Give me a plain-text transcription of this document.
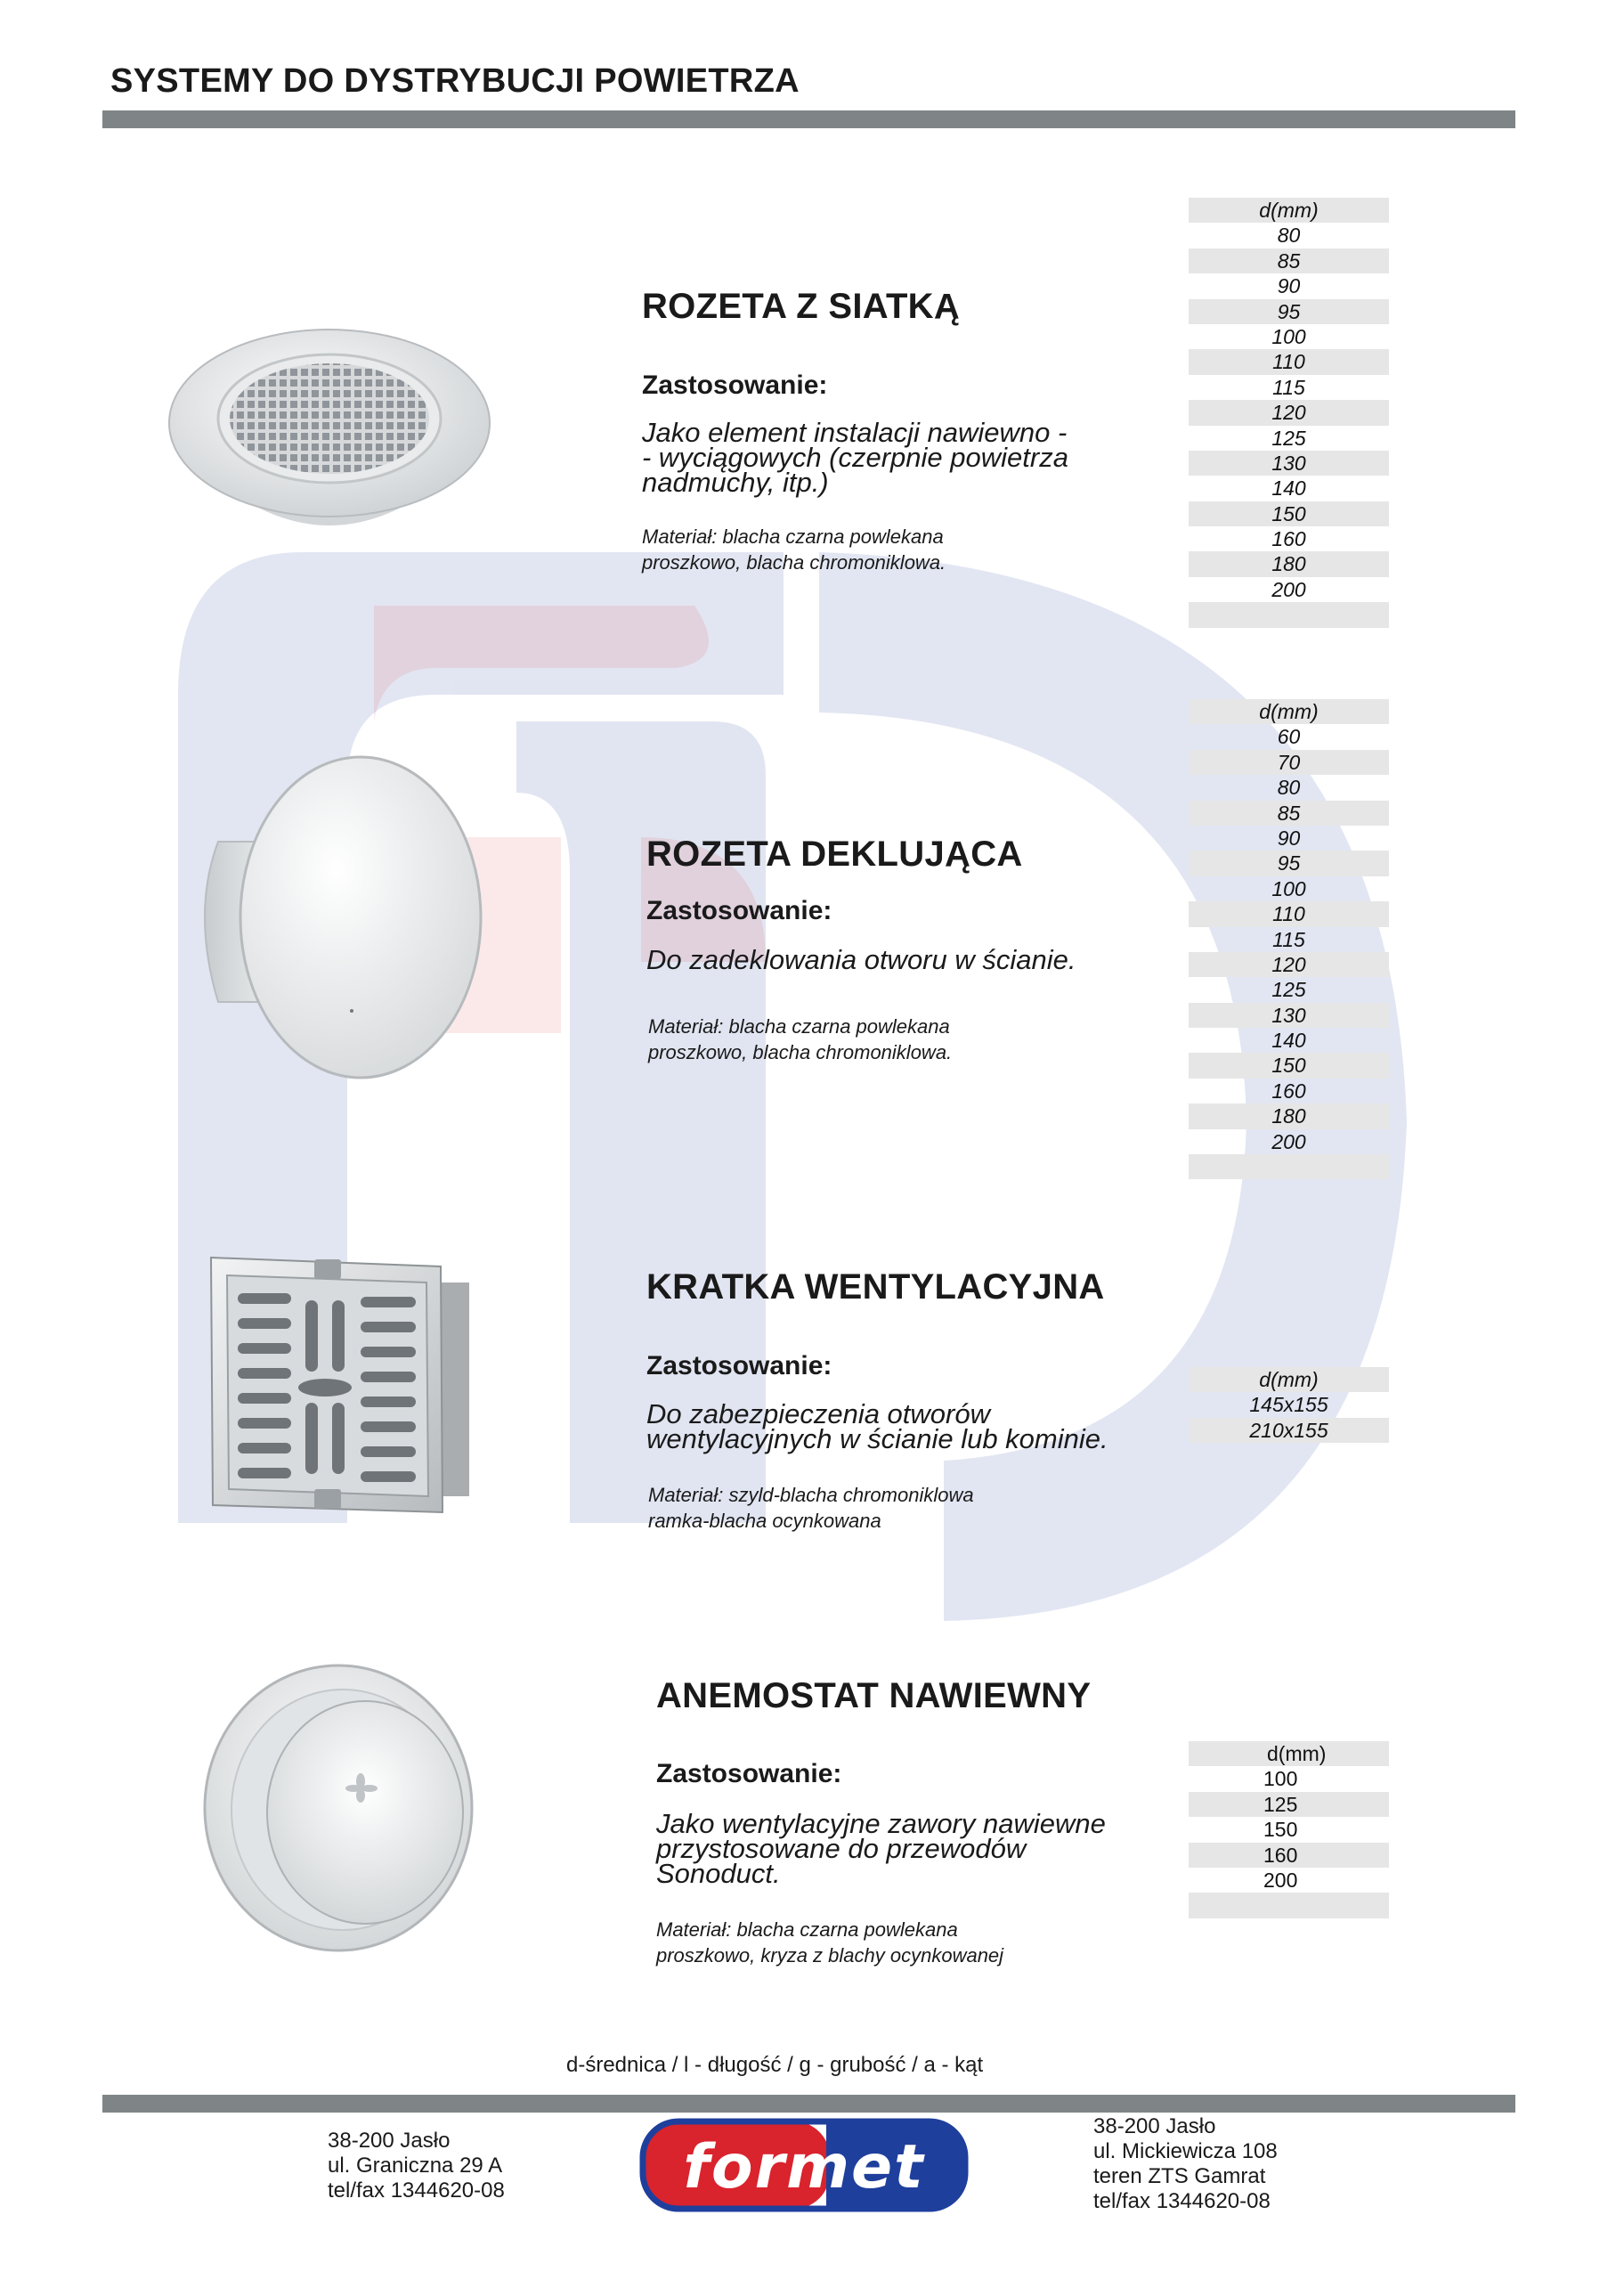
SYSTEMY DO DYSTRYBUCJI POWIETRZA
ROZETA Z SIATKĄ
Zastosowanie:
Jako element instalacji nawiewno -
- wyciągowych (czerpnie powietrza
nadmuchy, itp.)
Materiał: blacha czarna powlekana
proszkowo, blacha chromoniklowa.
d(mm)
80
85
90
95
100
110
115
120
125
130
140
150
160
180
200
ROZETA DEKLUJĄCA
Zastosowanie:
Do zadeklowania otworu w ścianie.
Materiał: blacha czarna powlekana
proszkowo, blacha chromoniklowa.
d(mm)
60
70
80
85
90
95
100
110
115
120
125
130
140
150
160
180
200
KRATKA WENTYLACYJNA
Zastosowanie:
Do zabezpieczenia otworów
wentylacyjnych w ścianie lub kominie.
Materiał: szyld-blacha chromoniklowa
ramka-blacha ocynkowana
d(mm)
145x155
210x155
ANEMOSTAT NAWIEWNY
Zastosowanie:
Jako wentylacyjne zawory nawiewne
przystosowane do przewodów
Sonoduct.
Materiał: blacha czarna powlekana
proszkowo, kryza z blachy ocynkowanej
d(mm)
100
125
150
160
200
d-średnica / l - długość / g - grubość / a - kąt
38-200 Jasło
ul. Graniczna 29 A
tel/fax 1344620-08	formet
38-200 Jasło
ul. Mickiewicza 108
teren ZTS Gamrat
tel/fax 1344620-08
